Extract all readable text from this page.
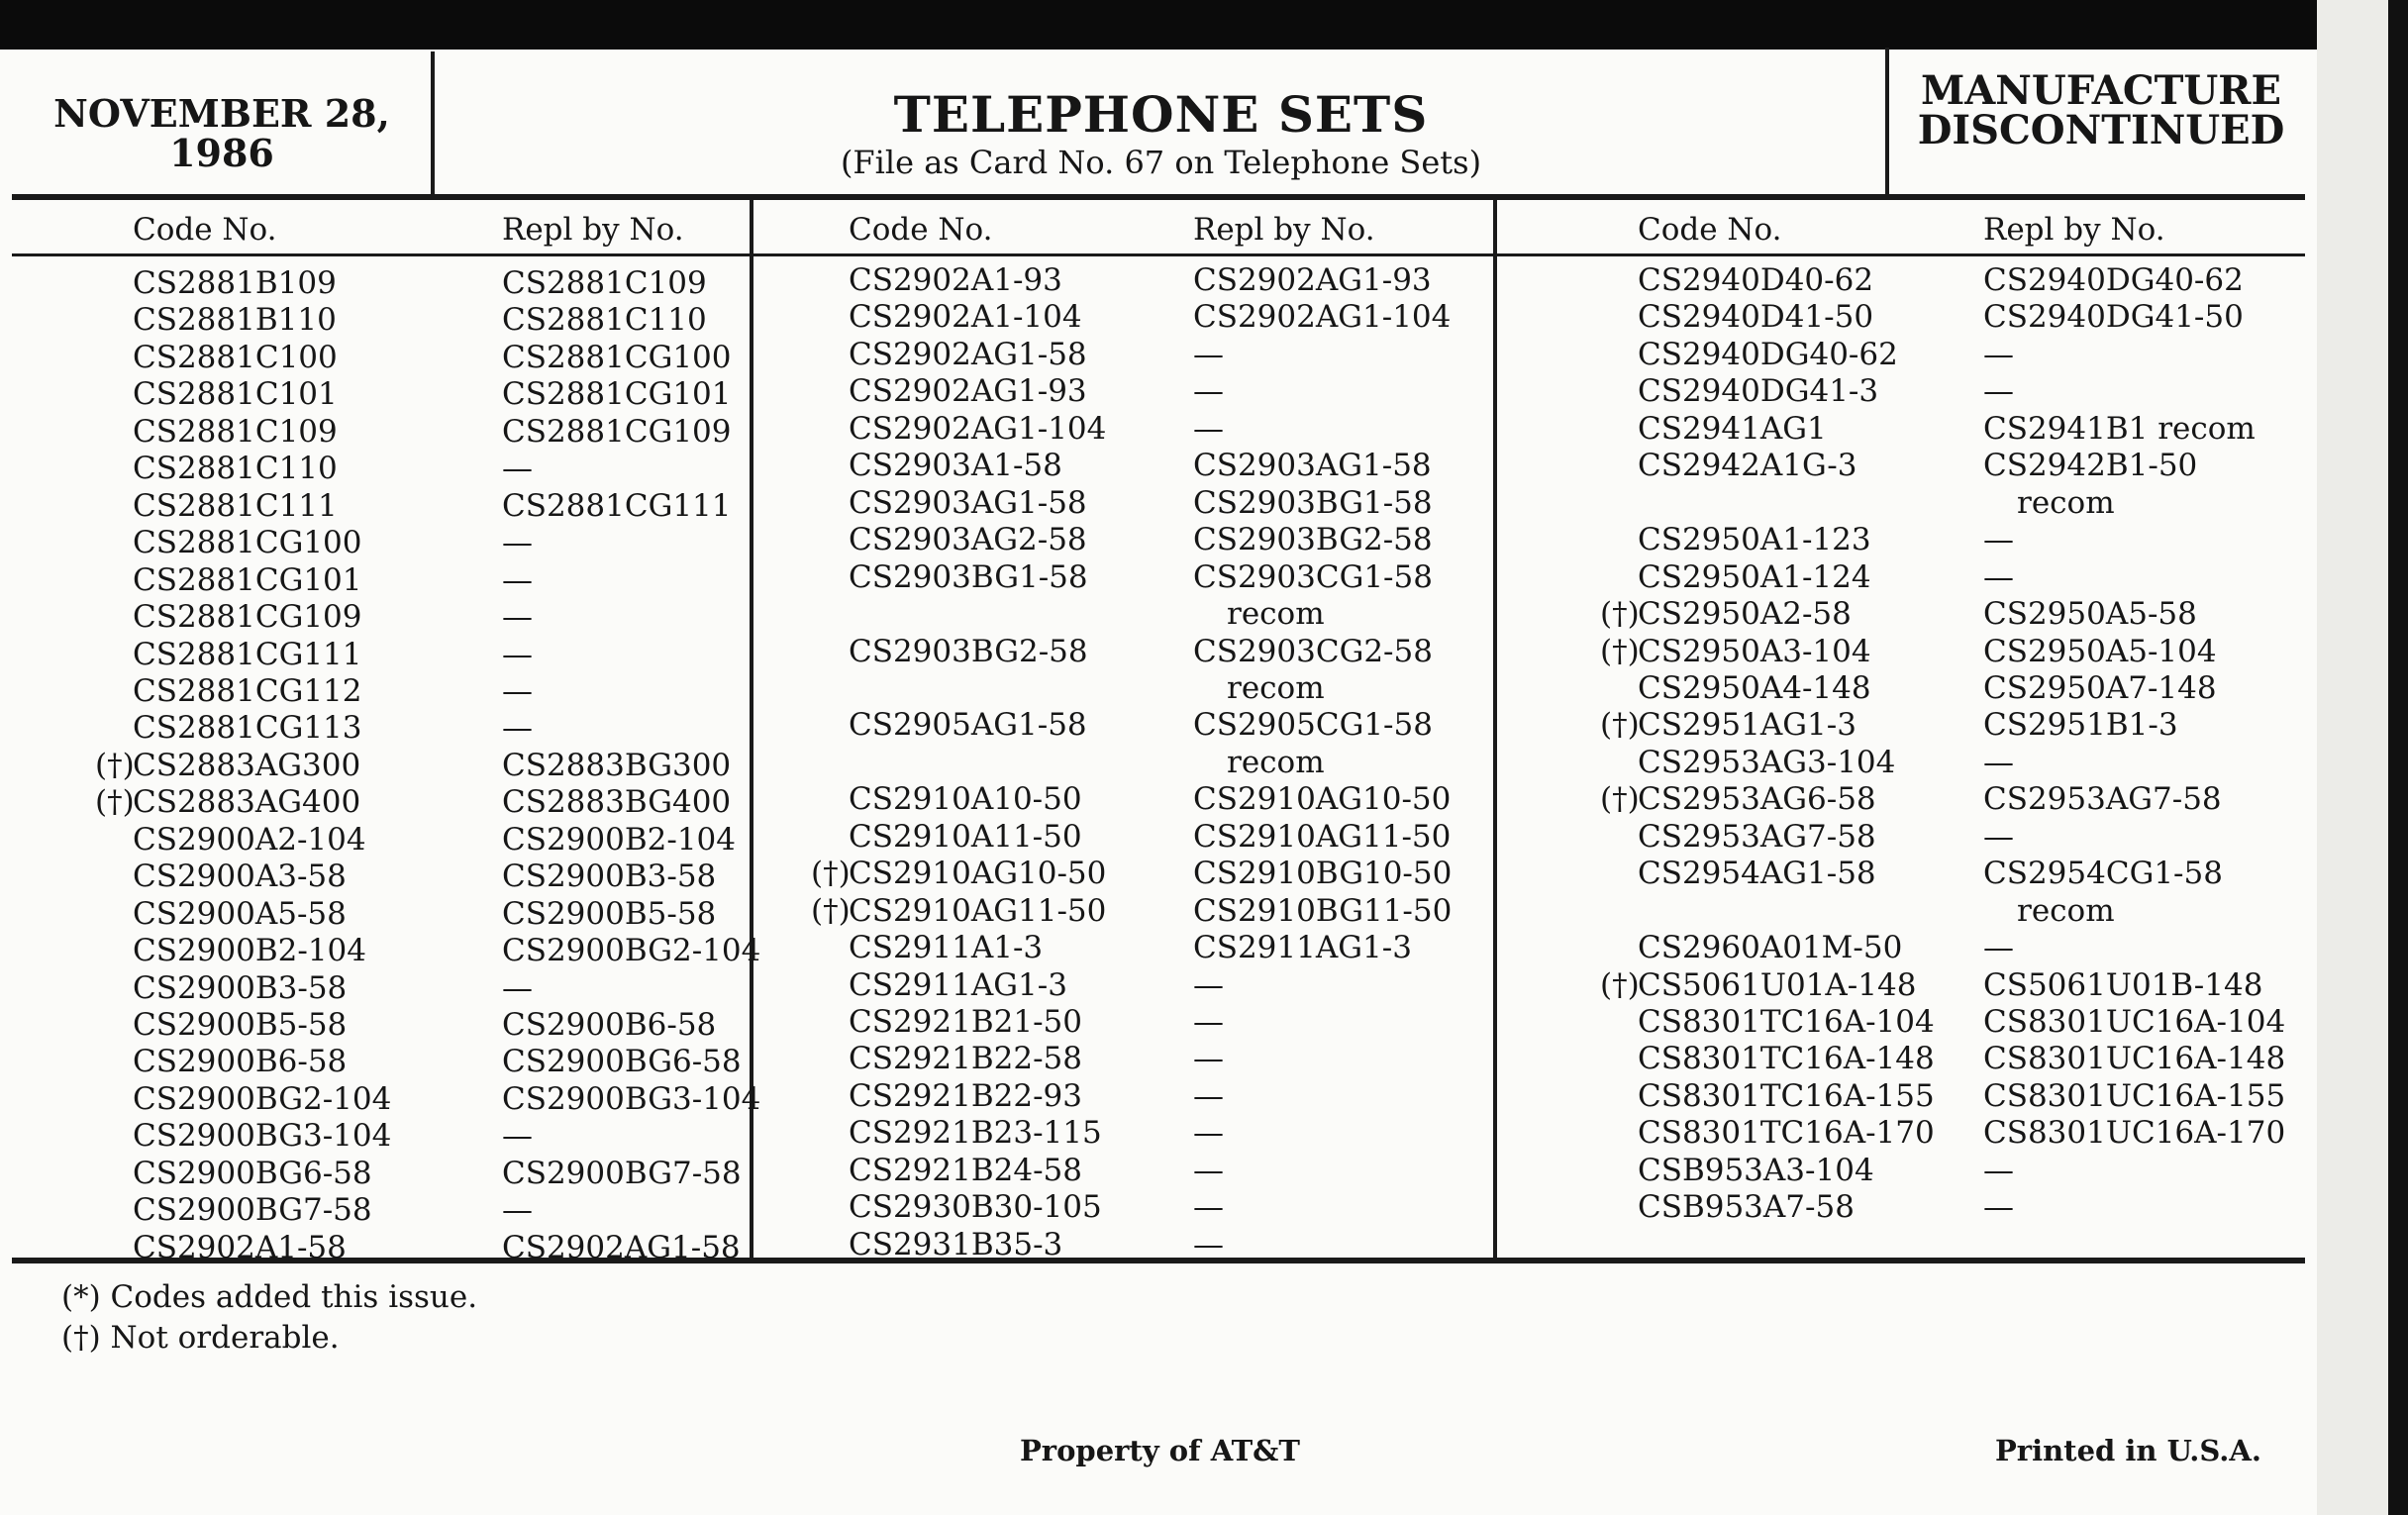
NOVEMBER 28,
1986
TELEPHONE SETS
(File as Card No. 67 on Telephone Sets)
MANUFACTURE
DISCONTINUED
Code No.	Repl by No.	Code No.	Repl by No.	Code No.	Repl by No.
CS2881B109	CS2881C109
CS2881B110	CS2881C110
CS2881C100	CS2881CG100
CS2881C101	CS2881CG101
CS2881C109	CS2881CG109
CS2881C110	—
CS2881C111	CS2881CG111
CS2881CG100	—
CS2881CG101	—
CS2881CG109	—
CS2881CG111	—
CS2881CG112	—
CS2881CG113	—
(†)
CS2883AG300	CS2883BG300
(†)
CS2883AG400	CS2883BG400
CS2900A2-104	CS2900B2-104
CS2900A3-58	CS2900B3-58
CS2900A5-58	CS2900B5-58
CS2900B2-104	CS2900BG2-104
CS2900B3-58	—
CS2900B5-58	CS2900B6-58
CS2900B6-58	CS2900BG6-58
CS2900BG2-104	CS2900BG3-104
CS2900BG3-104	—
CS2900BG6-58	CS2900BG7-58
CS2900BG7-58	—
CS2902A1-58	CS2902AG1-58
CS2902A1-93	CS2902AG1-93
CS2902A1-104	CS2902AG1-104
CS2902AG1-58	—
CS2902AG1-93	—
CS2902AG1-104	—
CS2903A1-58	CS2903AG1-58
CS2903AG1-58	CS2903BG1-58
CS2903AG2-58	CS2903BG2-58
CS2903BG1-58	CS2903CG1-58
recom
CS2903BG2-58	CS2903CG2-58
recom
CS2905AG1-58	CS2905CG1-58
recom
CS2910A10-50	CS2910AG10-50
CS2910A11-50	CS2910AG11-50
(†)
CS2910AG10-50	CS2910BG10-50
(†)
CS2910AG11-50	CS2910BG11-50
CS2911A1-3	CS2911AG1-3
CS2911AG1-3	—
CS2921B21-50	—
CS2921B22-58	—
CS2921B22-93	—
CS2921B23-115	—
CS2921B24-58	—
CS2930B30-105	—
CS2931B35-3	—
CS2940D40-62	CS2940DG40-62
CS2940D41-50	CS2940DG41-50
CS2940DG40-62	—
CS2940DG41-3	—
CS2941AG1	CS2941B1 recom
CS2942A1G-3	CS2942B1-50
recom
CS2950A1-123	—
CS2950A1-124	—
(†)
CS2950A2-58	CS2950A5-58
(†)
CS2950A3-104	CS2950A5-104
CS2950A4-148	CS2950A7-148
(†)
CS2951AG1-3	CS2951B1-3
CS2953AG3-104	—
(†)
CS2953AG6-58	CS2953AG7-58
CS2953AG7-58	—
CS2954AG1-58	CS2954CG1-58
recom
CS2960A01M-50	—
(†)
CS5061U01A-148 CS5061U01B-148
CS8301TC16A-104 CS8301UC16A-104
CS8301TC16A-148 CS8301UC16A-148
CS8301TC16A-155 CS8301UC16A-155
CS8301TC16A-170 CS8301UC16A-170
CSB953A3-104	—
CSB953A7-58	—
(*) Codes added this issue.
(†) Not orderable.
Property of AT&T	Printed in U.S.A.
